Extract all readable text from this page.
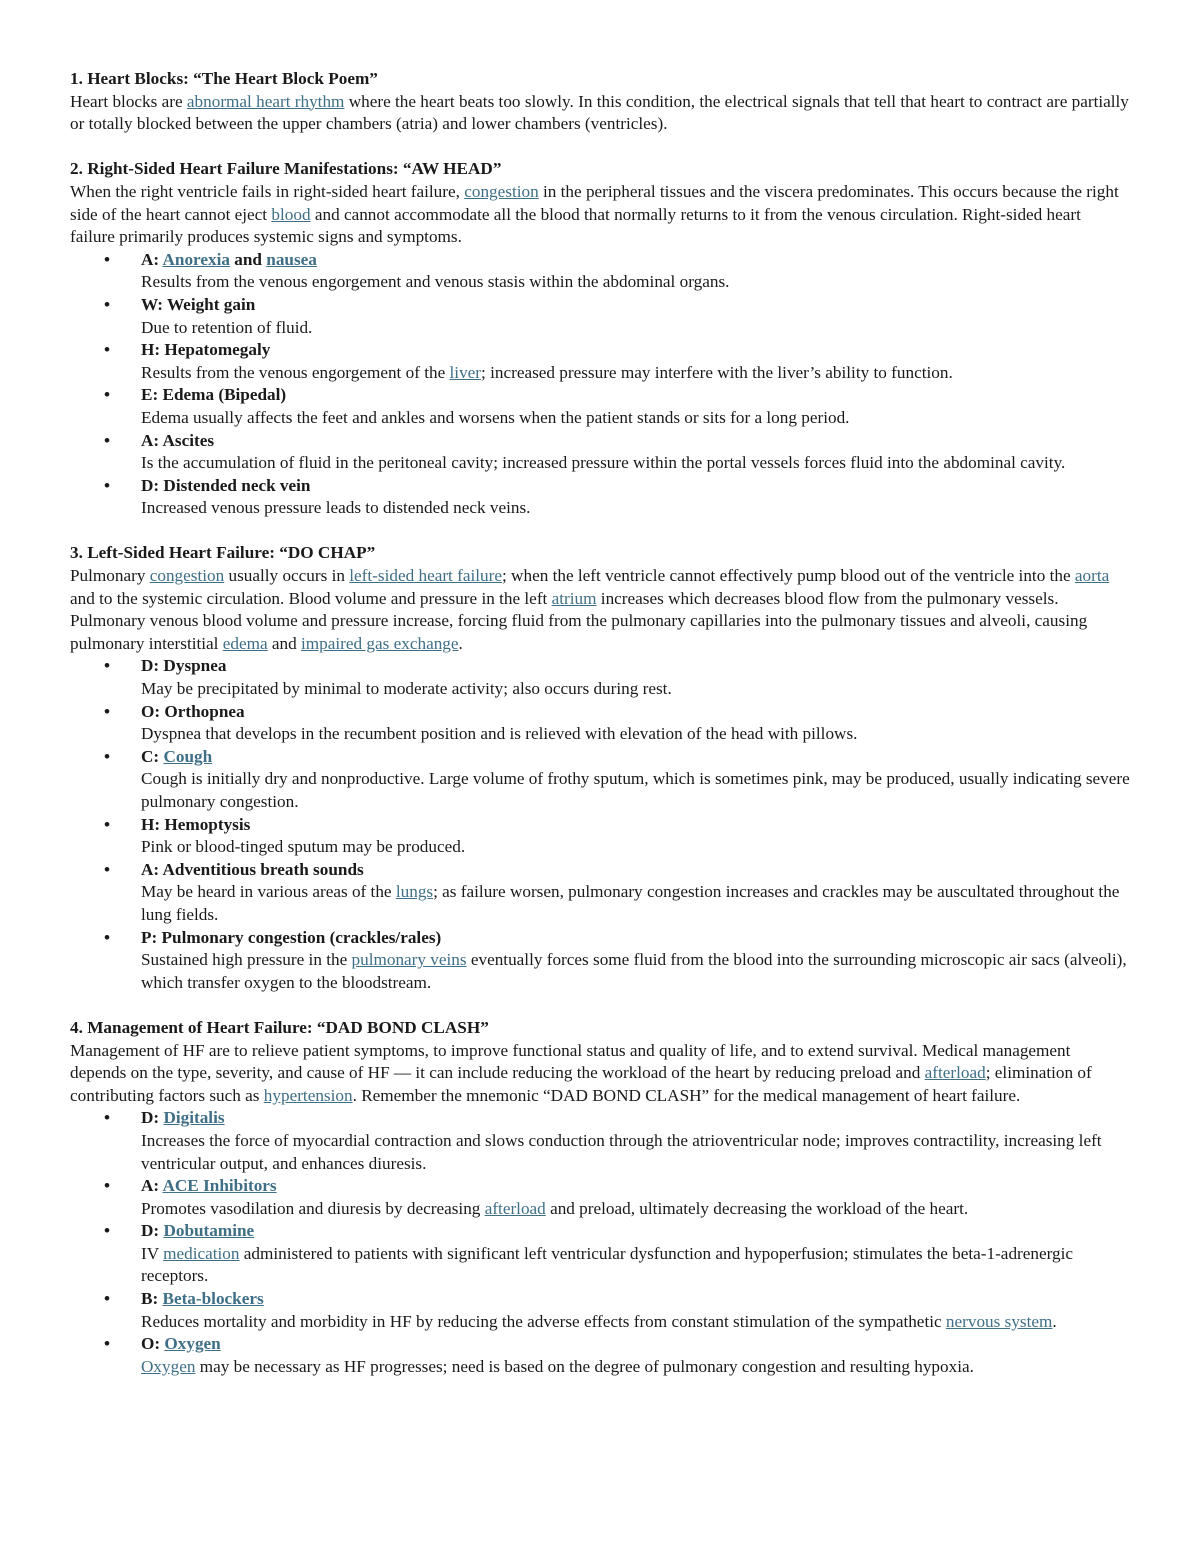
1. Heart Blocks: “The Heart Block Poem”
Heart blocks are abnormal heart rhythm where the heart beats too slowly. In this condition, the electrical signals that tell that heart to contract are partially or totally blocked between the upper chambers (atria) and lower chambers (ventricles).
2. Right-Sided Heart Failure Manifestations: “AW HEAD”
When the right ventricle fails in right-sided heart failure, congestion in the peripheral tissues and the viscera predominates. This occurs because the right side of the heart cannot eject blood and cannot accommodate all the blood that normally returns to it from the venous circulation. Right-sided heart failure primarily produces systemic signs and symptoms.
• A: Anorexia and nausea
Results from the venous engorgement and venous stasis within the abdominal organs.
• W: Weight gain
Due to retention of fluid.
• H: Hepatomegaly
Results from the venous engorgement of the liver; increased pressure may interfere with the liver’s ability to function.
• E: Edema (Bipedal)
Edema usually affects the feet and ankles and worsens when the patient stands or sits for a long period.
• A: Ascites
Is the accumulation of fluid in the peritoneal cavity; increased pressure within the portal vessels forces fluid into the abdominal cavity.
• D: Distended neck vein
Increased venous pressure leads to distended neck veins.
3. Left-Sided Heart Failure: “DO CHAP”
Pulmonary congestion usually occurs in left-sided heart failure; when the left ventricle cannot effectively pump blood out of the ventricle into the aorta and to the systemic circulation. Blood volume and pressure in the left atrium increases which decreases blood flow from the pulmonary vessels. Pulmonary venous blood volume and pressure increase, forcing fluid from the pulmonary capillaries into the pulmonary tissues and alveoli, causing pulmonary interstitial edema and impaired gas exchange.
• D: Dyspnea
May be precipitated by minimal to moderate activity; also occurs during rest.
• O: Orthopnea
Dyspnea that develops in the recumbent position and is relieved with elevation of the head with pillows.
• C: Cough
Cough is initially dry and nonproductive. Large volume of frothy sputum, which is sometimes pink, may be produced, usually indicating severe pulmonary congestion.
• H: Hemoptysis
Pink or blood-tinged sputum may be produced.
• A: Adventitious breath sounds
May be heard in various areas of the lungs; as failure worsen, pulmonary congestion increases and crackles may be auscultated throughout the lung fields.
• P: Pulmonary congestion (crackles/rales)
Sustained high pressure in the pulmonary veins eventually forces some fluid from the blood into the surrounding microscopic air sacs (alveoli), which transfer oxygen to the bloodstream.
4. Management of Heart Failure: “DAD BOND CLASH”
Management of HF are to relieve patient symptoms, to improve functional status and quality of life, and to extend survival. Medical management depends on the type, severity, and cause of HF — it can include reducing the workload of the heart by reducing preload and afterload; elimination of contributing factors such as hypertension. Remember the mnemonic “DAD BOND CLASH” for the medical management of heart failure.
• D: Digitalis
Increases the force of myocardial contraction and slows conduction through the atrioventricular node; improves contractility, increasing left ventricular output, and enhances diuresis.
• A: ACE Inhibitors
Promotes vasodilation and diuresis by decreasing afterload and preload, ultimately decreasing the workload of the heart.
• D: Dobutamine
IV medication administered to patients with significant left ventricular dysfunction and hypoperfusion; stimulates the beta-1-adrenergic receptors.
• B: Beta-blockers
Reduces mortality and morbidity in HF by reducing the adverse effects from constant stimulation of the sympathetic nervous system.
• O: Oxygen
Oxygen may be necessary as HF progresses; need is based on the degree of pulmonary congestion and resulting hypoxia.
